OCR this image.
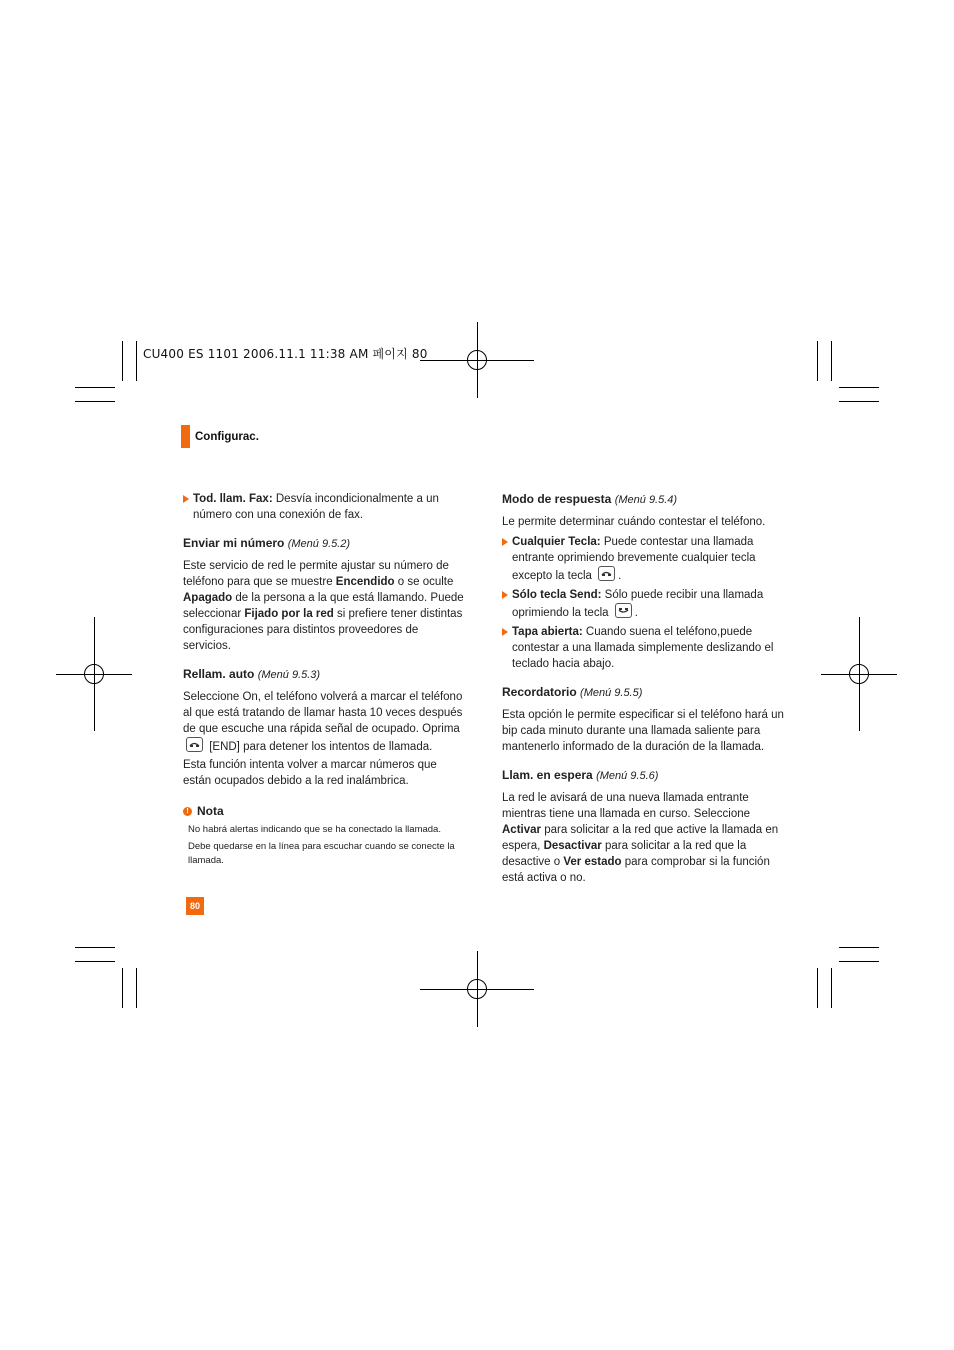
CU400 ES 1101 2006.11.1 11:38 AM 페이지 80
Configurac.
Tod. llam. Fax: Desvía incondicionalmente a un número con una conexión de fax.
Enviar mi número (Menú 9.5.2)

Este servicio de red le permite ajustar su número de teléfono para que se muestre Encendido o se oculte Apagado de la persona a la que está llamando. Puede seleccionar Fijado por la red si prefiere tener distintas configuraciones para distintos proveedores de servicios.

Rellam. auto (Menú 9.5.3)

Seleccione On, el teléfono volverá a marcar el teléfono al que está tratando de llamar hasta 10 veces después de que escuche una rápida señal de ocupado. Oprima
[END] para detener los intentos de llamada.

Esta función intenta volver a marcar números que están ocupados debido a la red inalámbrica.

! Nota

No habrá alertas indicando que se ha conectado la llamada.

Debe quedarse en la línea para escuchar cuando se conecte la llamada.

Modo de respuesta (Menú 9.5.4)

Le permite determinar cuándo contestar el teléfono.

Cualquier Tecla: Puede contestar una llamada entrante oprimiendo brevemente cualquier tecla excepto la tecla .
Sólo tecla Send: Sólo puede recibir una llamada oprimiendo la tecla .
Tapa abierta: Cuando suena el teléfono,puede contestar a una llamada simplemente deslizando el teclado hacia abajo.
Recordatorio (Menú 9.5.5)

Esta opción le permite especificar si el teléfono hará un bip cada minuto durante una llamada saliente para mantenerlo informado de la duración de la llamada.

Llam. en espera (Menú 9.5.6)

La red le avisará de una nueva llamada entrante mientras tiene una llamada en curso. Seleccione Activar para solicitar a la red que active la llamada en espera, Desactivar para solicitar a la red que la desactive o Ver estado para comprobar si la función está activa o no.

80
